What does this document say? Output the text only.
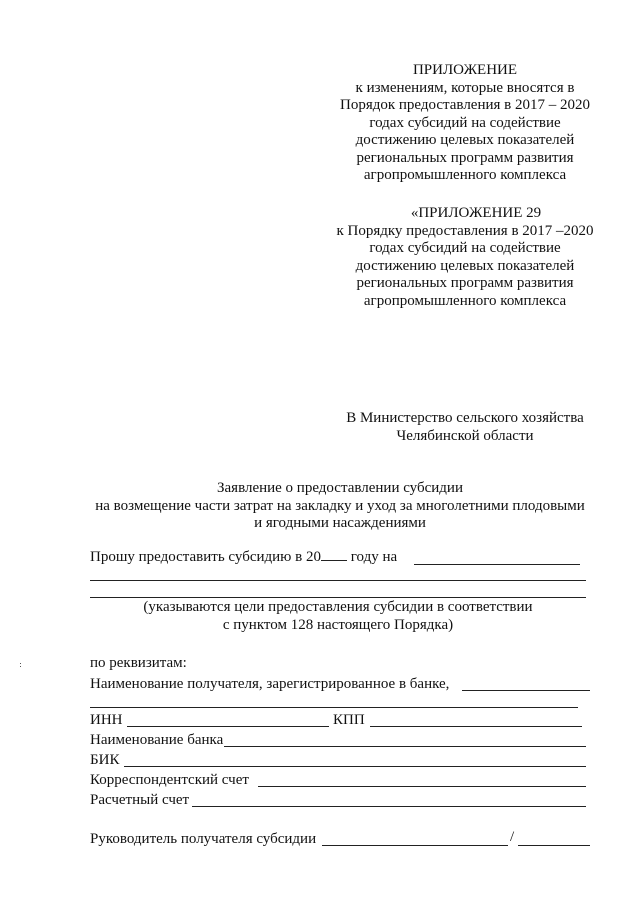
ПРИЛОЖЕНИЕ
к изменениям, которые вносятся в
Порядок предоставления в 2017 – 2020
годах субсидий на содействие
достижению целевых показателей
региональных программ развития
агропромышленного комплекса
«ПРИЛОЖЕНИЕ 29
к Порядку предоставления в 2017 –2020
годах субсидий на содействие
достижению целевых показателей
региональных программ развития
агропромышленного комплекса
В Министерство сельского хозяйства
Челябинской области
Заявление о предоставлении субсидии
на возмещение части затрат на закладку и уход за многолетними плодовыми
и ягодными насаждениями
Прошу предоставить субсидию в 20 году на
(указываются цели предоставления субсидии в соответствии
с пунктом 128 настоящего Порядка)
по реквизитам:
Наименование получателя, зарегистрированное в банке,
ИНН	КПП
Наименование банка
БИК
Корреспондентский счет
Расчетный счет
Руководитель получателя субсидии	/
